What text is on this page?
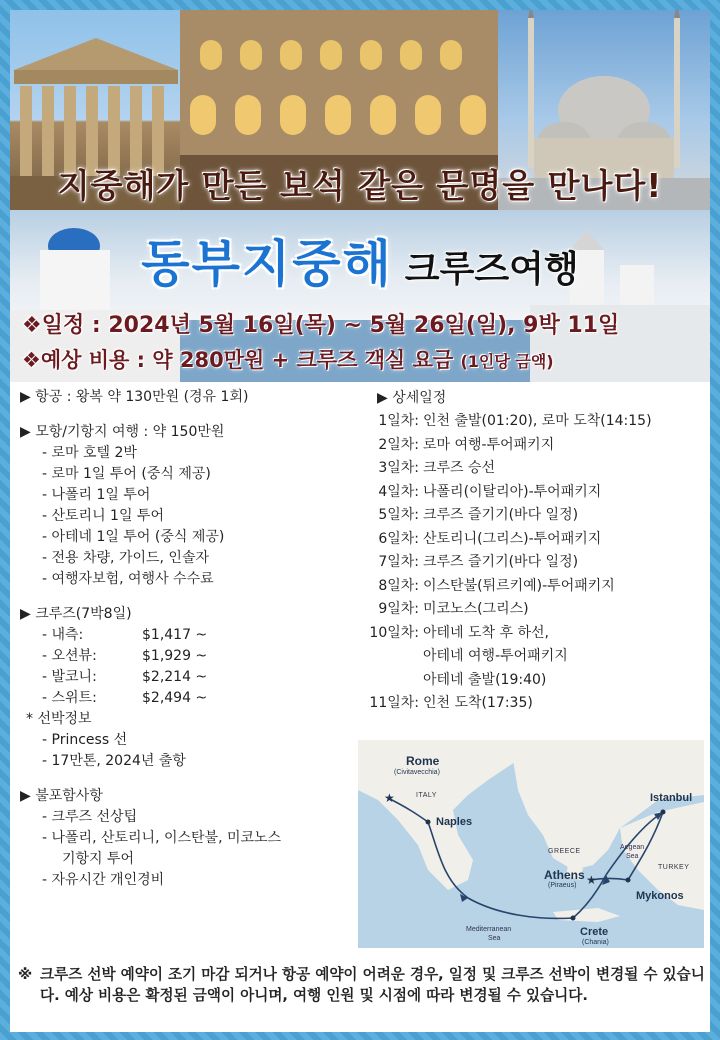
지중해가 만든 보석 같은 문명을 만나다!
동부지중해 크루즈여행
❖일정 : 2024년 5월 16일(목) ~ 5월 26일(일), 9박 11일
❖예상 비용 : 약 280만원 + 크루즈 객실 요금 (1인당 금액)
▶ 항공 : 왕복 약 130만원 (경유 1회)
▶ 모항/기항지 여행 : 약 150만원
- 로마 호텔 2박
- 로마 1일 투어 (중식 제공)
- 나폴리 1일 투어
- 산토리니 1일 투어
- 아테네 1일 투어 (중식 제공)
- 전용 차량, 가이드, 인솔자
- 여행자보험, 여행사 수수료
▶ 크루즈(7박8일)
- 내측:	$1,417 ~
- 오션뷰:	$1,929 ~
- 발코니:	$2,214 ~
- 스위트:	$2,494 ~
* 선박정보
- Princess 선
- 17만톤, 2024년 출항
▶ 불포함사항
- 크루즈 선상팁
- 나폴리, 산토리니, 이스탄불, 미코노스
기항지 투어
- 자유시간 개인경비
▶ 상세일정
1일차: 인천 출발(01:20), 로마 도착(14:15)
2일차: 로마 여행-투어패키지
3일차: 크루즈 승선
4일차: 나폴리(이탈리아)-투어패키지
5일차: 크루즈 즐기기(바다 일정)
6일차: 산토리니(그리스)-투어패키지
7일차: 크루즈 즐기기(바다 일정)
8일차: 이스탄불(튀르키예)-투어패키지
9일차: 미코노스(그리스)
10일차: 아테네 도착 후 하선,
아테네 여행-투어패키지
아테네 출발(19:40)
11일차: 인천 도착(17:35)
★
★
Rome
(Civitavecchia)
ITALY
Naples
Istanbul
GREECE
Aegean
Sea
TURKEY
Athens
(Piraeus)
Mykonos
Mediterranean
Sea
Crete
(Chania)
※ 크루즈 선박 예약이 조기 마감 되거나 항공 예약이 어려운 경우, 일정 및 크루즈 선박이 변경될 수 있습니다. 예상 비용은 확정된 금액이 아니며, 여행 인원 및 시점에 따라 변경될 수 있습니다.
